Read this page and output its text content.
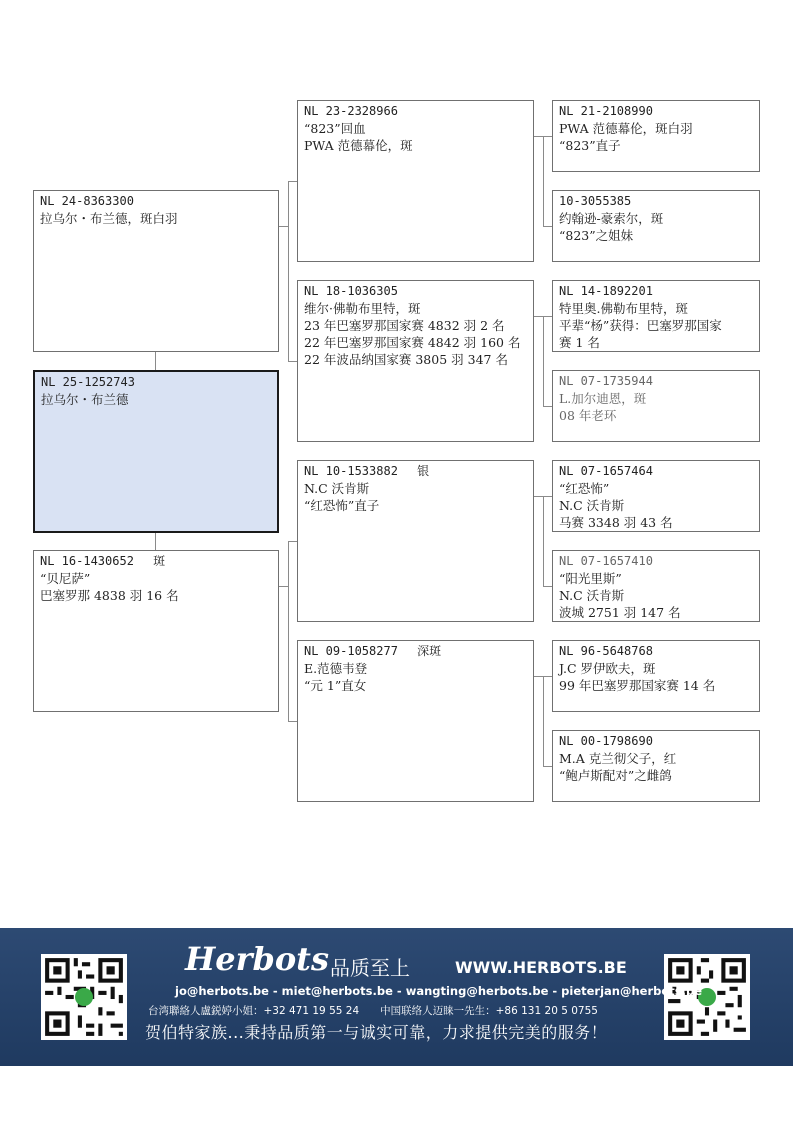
NL 25-1252743
拉乌尔・布兰德
NL 24-8363300
拉乌尔・布兰德，斑白羽
NL 16-1430652　 斑
“贝尼萨”
巴塞罗那 4838 羽 16 名
NL 23-2328966
“823”回血
PWA 范德幕伦，斑
NL 18-1036305
维尔·佛勒布里特，斑
23 年巴塞罗那国家赛 4832 羽 2 名
22 年巴塞罗那国家赛 4842 羽 160 名
22 年波品纳国家赛 3805 羽 347 名
NL 10-1533882　 银
N.C 沃肯斯
“红恐怖”直子
NL 09-1058277　 深斑
E.范德韦登
“元 1”直女
NL 21-2108990
PWA 范德幕伦，斑白羽
“823”直子
10-3055385
约翰逊-豪索尔，斑
“823”之姐妹
NL 14-1892201
特里奥.佛勒布里特，斑
平辈“杨”获得：巴塞罗那国家
赛 1 名
NL 07-1735944
L.加尔迪恩，斑
08 年老环
NL 07-1657464
“红恐怖”
N.C 沃肯斯
马赛 3348 羽 43 名
NL 07-1657410
“阳光里斯”
N.C 沃肯斯
波城 2751 羽 147 名
NL 96-5648768
J.C 罗伊欧夫，斑
99 年巴塞罗那国家赛 14 名
NL 00-1798690
M.A 克兰彻父子，红
“鲍卢斯配对”之雌鸽
Herbots 品质至上	WWW.HERBOTS.BE
jo@herbots.be - miet@herbots.be - wangting@herbots.be - pieterjan@herbots.be
台湾聯絡人盧鋭婷小姐：+32 471 19 55 24　　中国联络人迈睐一先生：+86 131 20 5 0755
贺伯特家族...秉持品质第一与诚实可靠，力求提供完美的服务！
